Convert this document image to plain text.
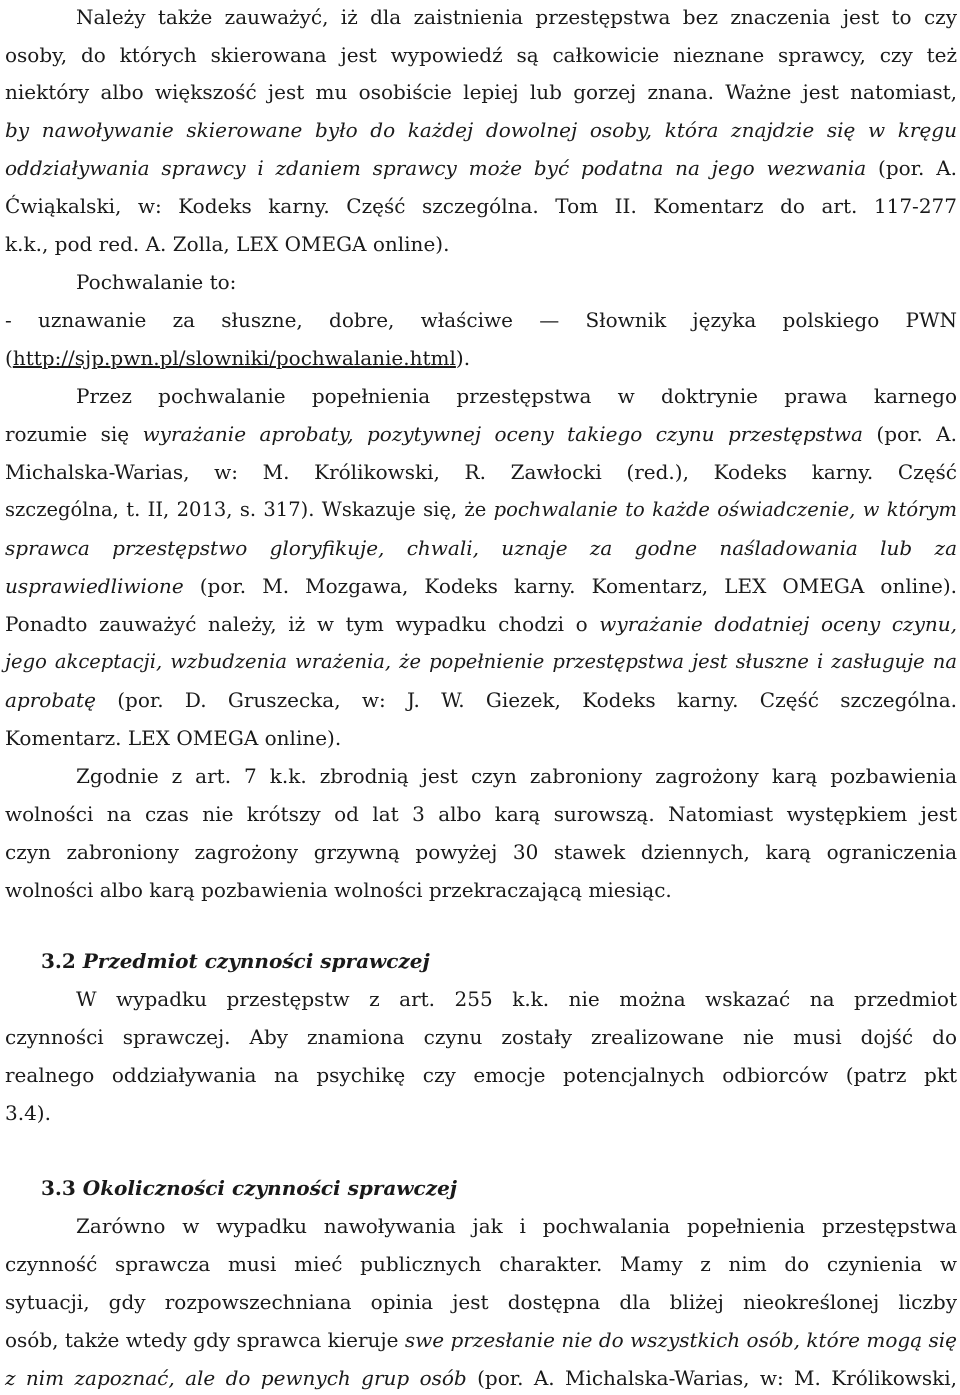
Należy także zauważyć, iż dla zaistnienia przestępstwa bez znaczenia jest to czy
osoby, do których skierowana jest wypowiedź są całkowicie nieznane sprawcy, czy też
niektóry albo większość jest mu osobiście lepiej lub gorzej znana. Ważne jest natomiast,
by nawoływanie skierowane było do każdej dowolnej osoby, która znajdzie się w kręgu
oddziaływania sprawcy i zdaniem sprawcy może być podatna na jego wezwania (por. A.
Ćwiąkalski, w: Kodeks karny. Część szczególna. Tom II. Komentarz do art. 117-277
k.k., pod red. A. Zolla, LEX OMEGA online).
Pochwalanie to:
- uznawanie za słuszne, dobre, właściwe — Słownik języka polskiego PWN
(http://sjp.pwn.pl/slowniki/pochwalanie.html).
Przez pochwalanie popełnienia przestępstwa w doktrynie prawa karnego
rozumie się wyrażanie aprobaty, pozytywnej oceny takiego czynu przestępstwa (por. A.
Michalska-Warias, w: M. Królikowski, R. Zawłocki (red.), Kodeks karny. Część
szczególna, t. II, 2013, s. 317). Wskazuje się, że pochwalanie to każde oświadczenie, w którym
sprawca przestępstwo gloryfikuje, chwali, uznaje za godne naśladowania lub za
usprawiedliwione (por. M. Mozgawa, Kodeks karny. Komentarz, LEX OMEGA online).
Ponadto zauważyć należy, iż w tym wypadku chodzi o wyrażanie dodatniej oceny czynu,
jego akceptacji, wzbudzenia wrażenia, że popełnienie przestępstwa jest słuszne i zasługuje na
aprobatę (por. D. Gruszecka, w: J. W. Giezek, Kodeks karny. Część szczególna.
Komentarz. LEX OMEGA online).
Zgodnie z art. 7 k.k. zbrodnią jest czyn zabroniony zagrożony karą pozbawienia
wolności na czas nie krótszy od lat 3 albo karą surowszą. Natomiast występkiem jest
czyn zabroniony zagrożony grzywną powyżej 30 stawek dziennych, karą ograniczenia
wolności albo karą pozbawienia wolności przekraczającą miesiąc.
3.2 Przedmiot czynności sprawczej
W wypadku przestępstw z art. 255 k.k. nie można wskazać na przedmiot
czynności sprawczej. Aby znamiona czynu zostały zrealizowane nie musi dojść do
realnego oddziaływania na psychikę czy emocje potencjalnych odbiorców (patrz pkt
3.4).
3.3 Okoliczności czynności sprawczej
Zarówno w wypadku nawoływania jak i pochwalania popełnienia przestępstwa
czynność sprawcza musi mieć publicznych charakter. Mamy z nim do czynienia w
sytuacji, gdy rozpowszechniana opinia jest dostępna dla bliżej nieokreślonej liczby
osób, także wtedy gdy sprawca kieruje swe przesłanie nie do wszystkich osób, które mogą się
z nim zapoznać, ale do pewnych grup osób (por. A. Michalska-Warias, w: M. Królikowski,
